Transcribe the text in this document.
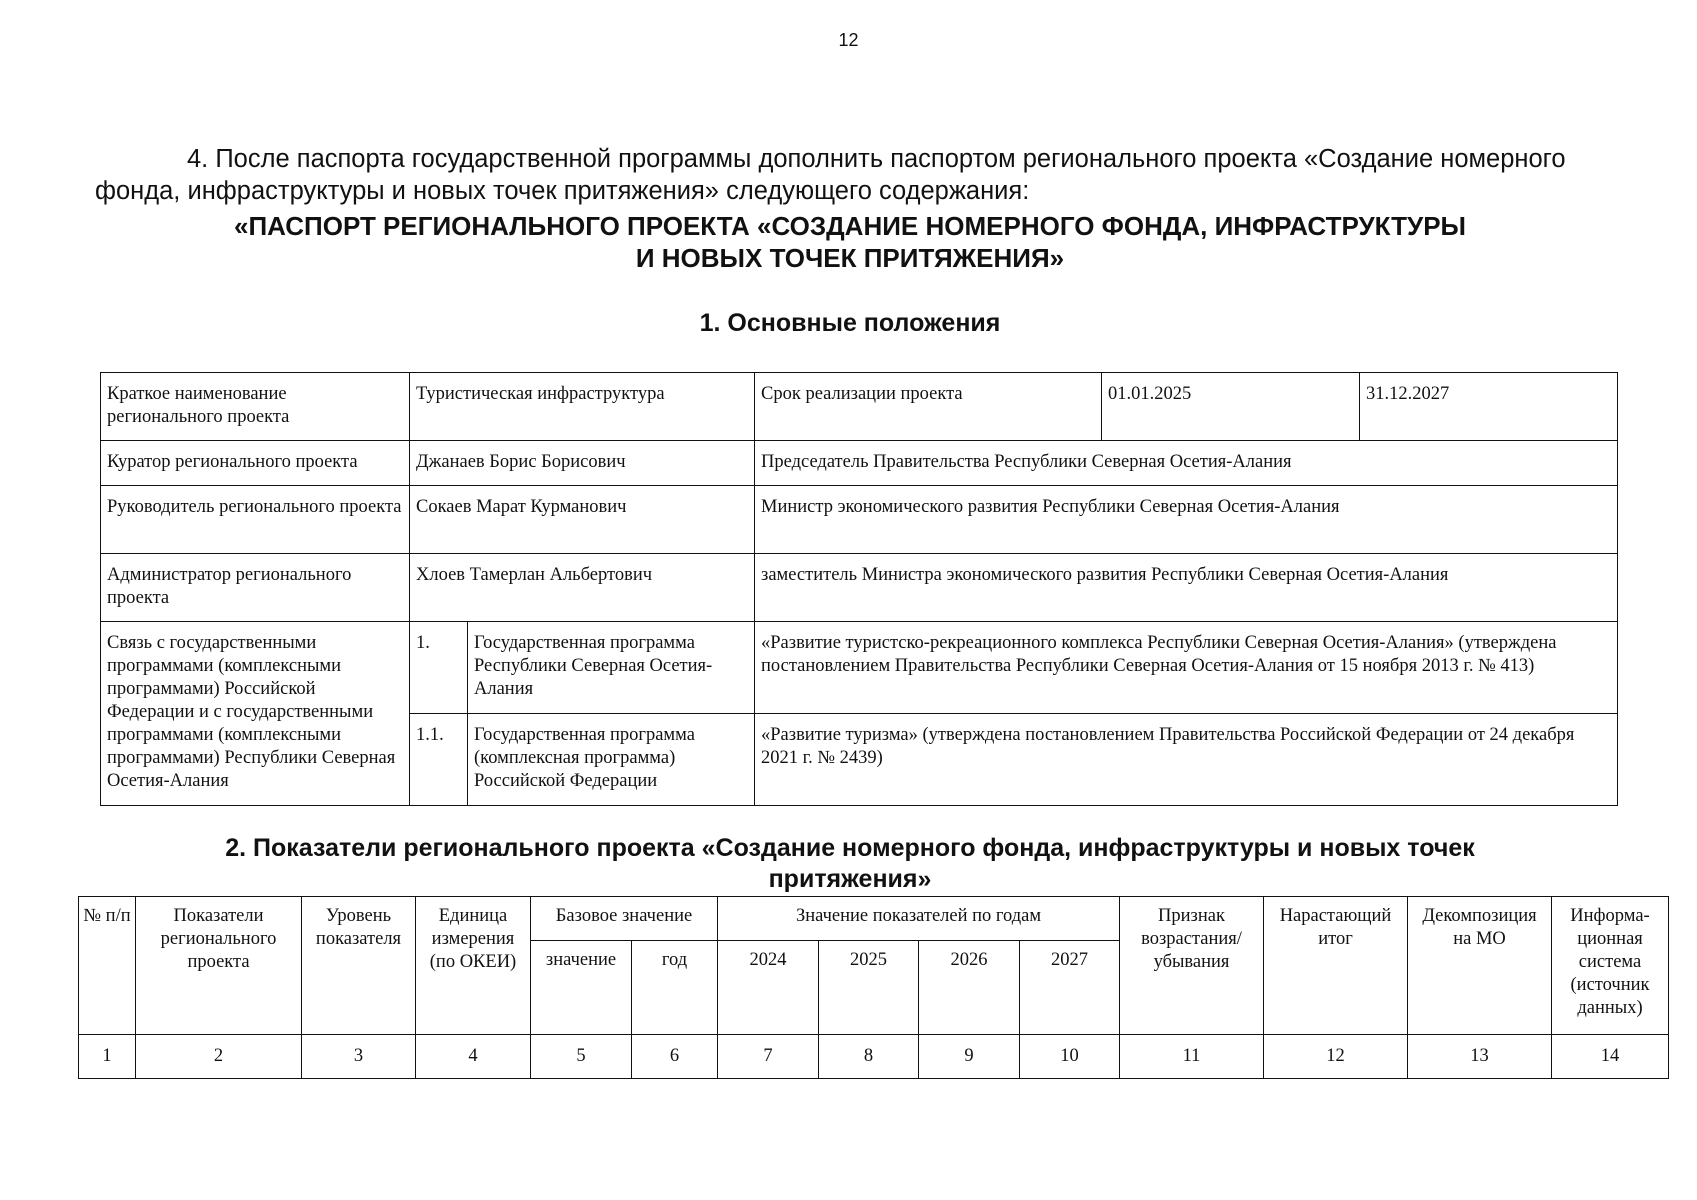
12
4. После паспорта государственной программы дополнить паспортом регионального проекта «Создание номерного фонда, инфраструктуры и новых точек притяжения» следующего содержания:
«ПАСПОРТ РЕГИОНАЛЬНОГО ПРОЕКТА «СОЗДАНИЕ НОМЕРНОГО ФОНДА, ИНФРАСТРУКТУРЫ
И НОВЫХ ТОЧЕК ПРИТЯЖЕНИЯ»
1. Основные положения
Краткое наименование регионального проекта	Туристическая инфраструктура		Срок реализации проекта	01.01.2025	31.12.2027
Куратор регионального проекта	Джанаев Борис Борисович		Председатель Правительства Республики Северная Осетия-Алания		
Руководитель регионального проекта	Сокаев Марат Курманович		Министр экономического развития Республики Северная Осетия-Алания		
Администратор регионального проекта	Хлоев Тамерлан Альбертович		заместитель Министра экономического развития Республики Северная Осетия-Алания		
Связь с государственными программами (комплексными программами) Российской Федерации и с государственными программами (комплексными программами) Республики Северная Осетия-Алания	1.	Государственная программа Республики Северная Осетия-Алания	«Развитие туристско-рекреационного комплекса Республики Северная Осетия-Алания» (утверждена постановлением Правительства Республики Северная Осетия-Алания от 15 ноября 2013 г. № 413)		
	1.1.	Государственная программа (комплексная программа) Российской Федерации	«Развитие туризма» (утверждена постановлением Правительства Российской Федерации от 24 декабря 2021 г. № 2439)		
2. Показатели регионального проекта «Создание номерного фонда, инфраструктуры и новых точек
притяжения»
№ п/п	Показатели регионального проекта	Уровень показателя	Единица измерения (по ОКЕИ)	Базовое значение		Значение показателей по годам				Признак возрастания/ убывания	Нарастающий итог	Декомпозиция на МО	Информа-ционная система (источник данных)
				значение	год	2024	2025	2026	2027				
1	2	3	4	5	6	7	8	9	10	11	12	13	14
